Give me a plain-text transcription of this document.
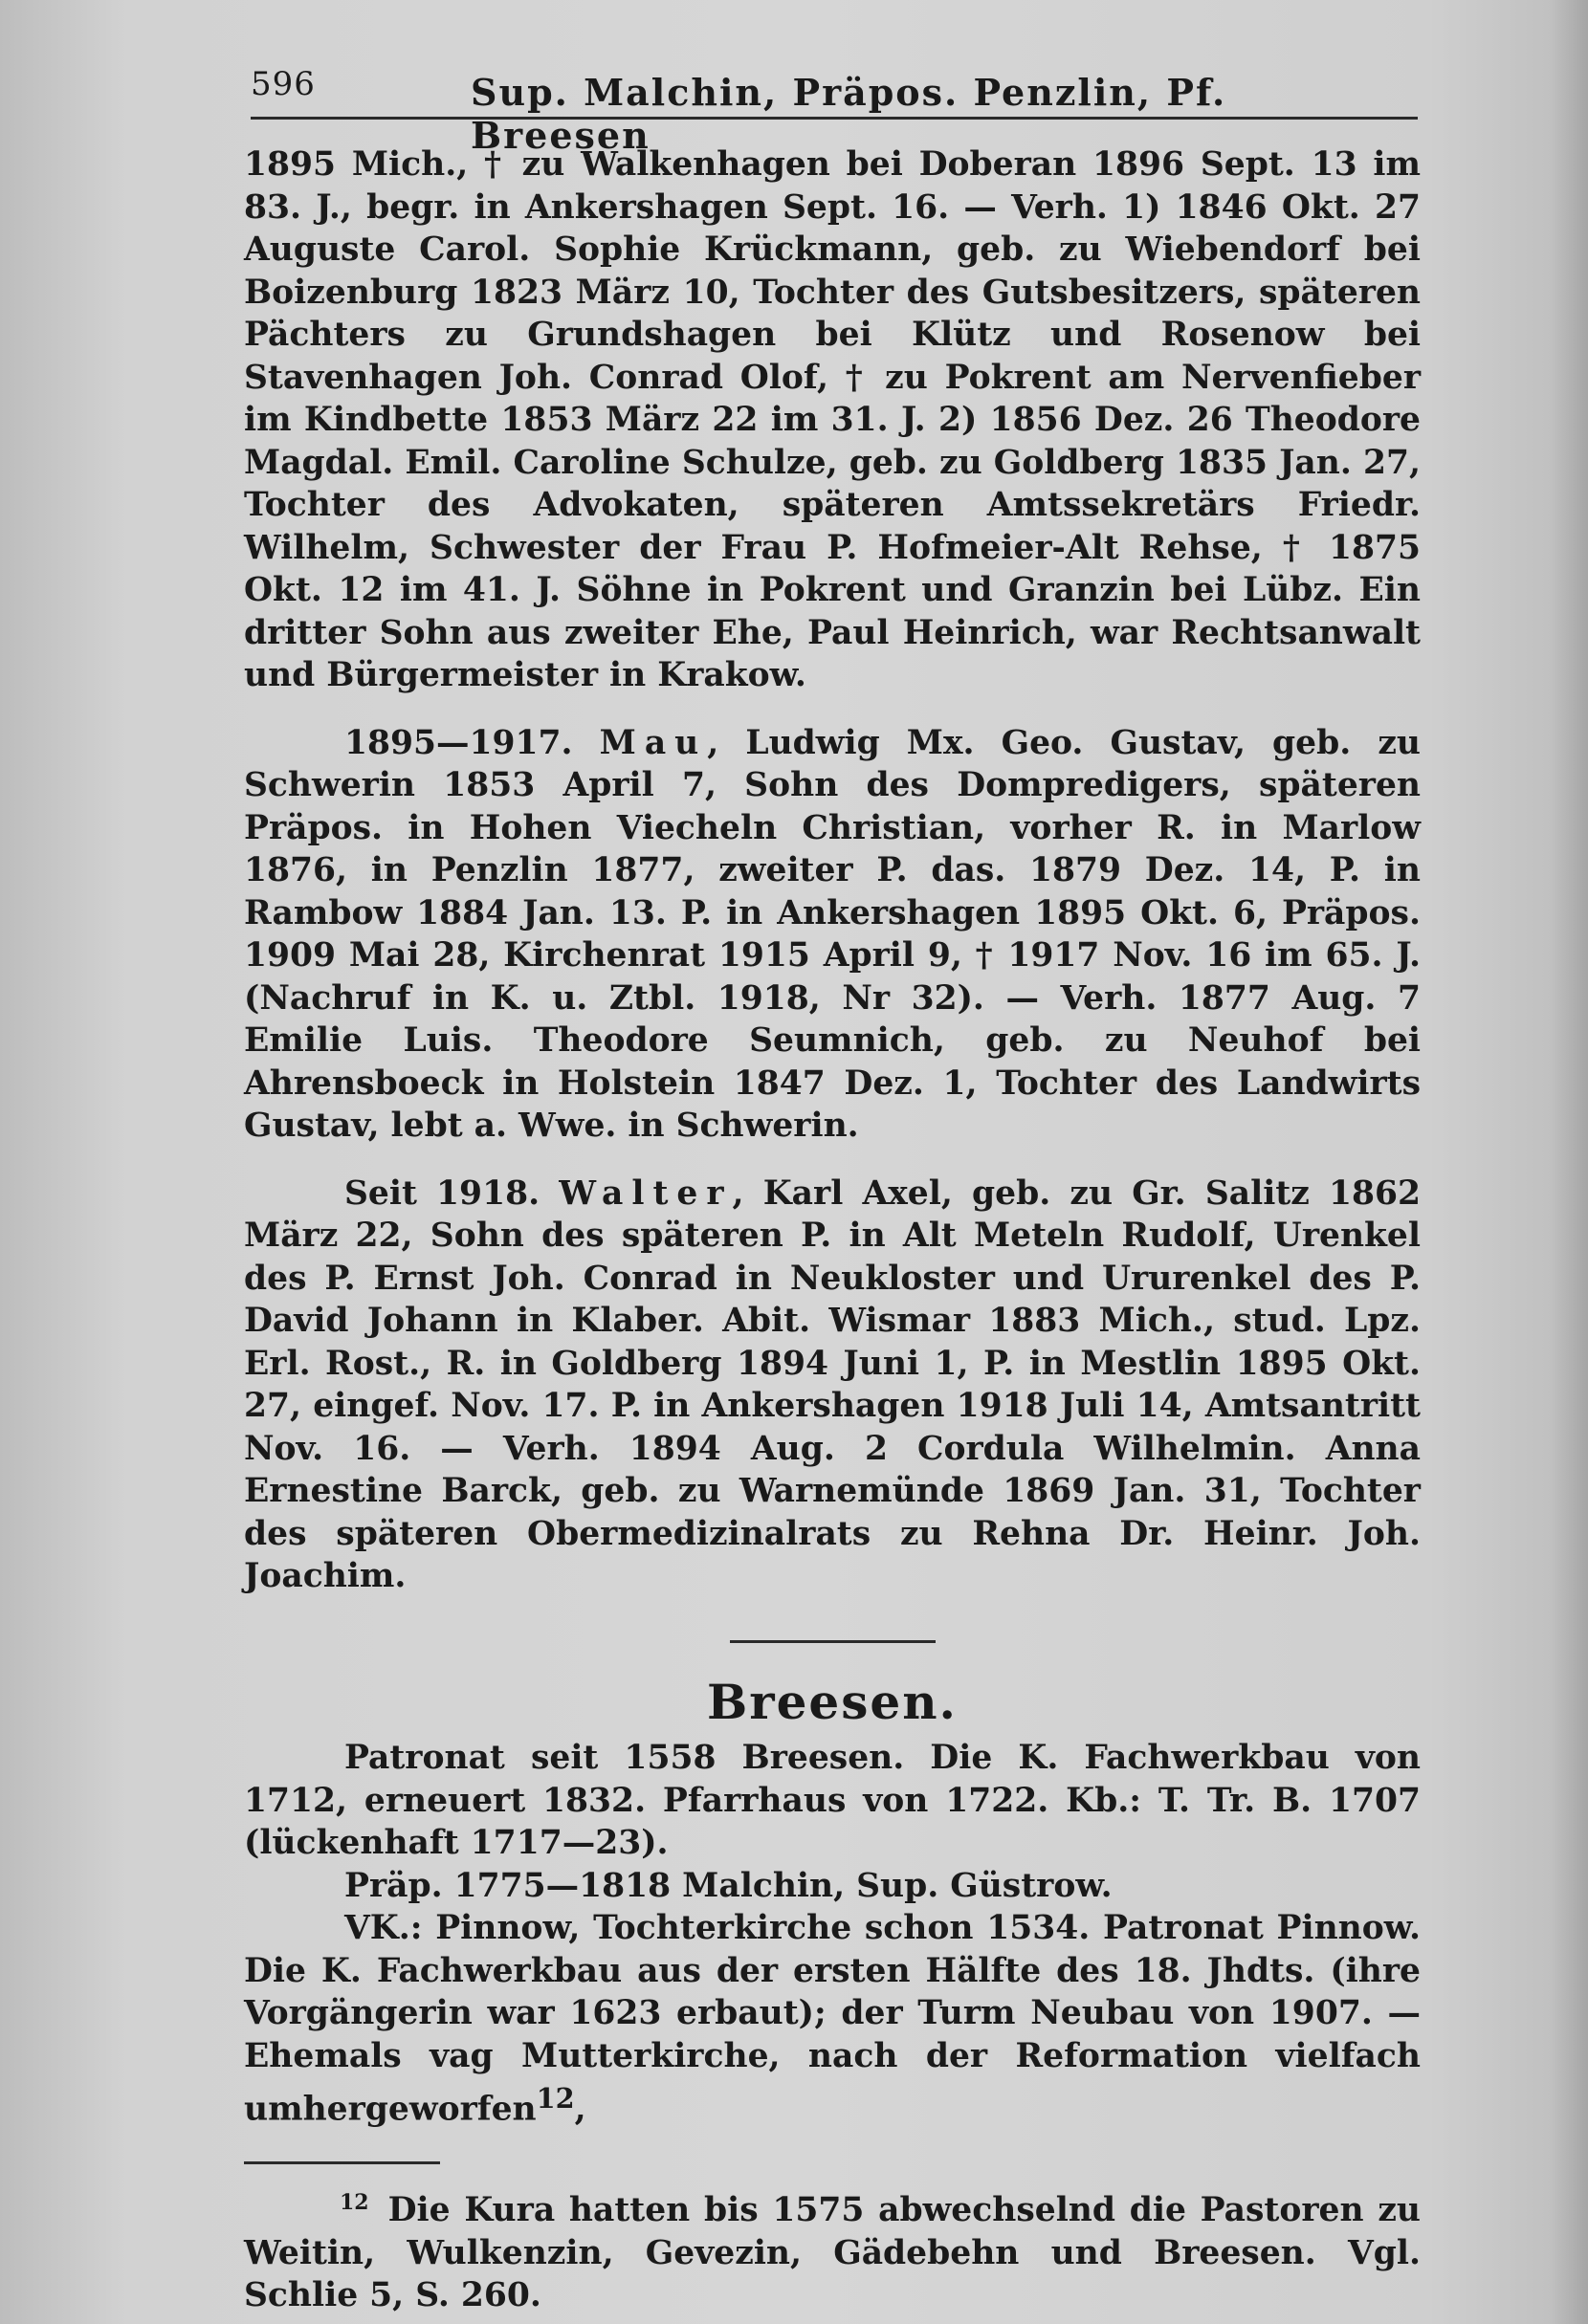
596	Sup. Malchin, Präpos. Penzlin, Pf. Breesen

1895 Mich., † zu Walkenhagen bei Doberan 1896 Sept. 13 im 83. J., begr. in Ankershagen Sept. 16. — Verh. 1) 1846 Okt. 27 Auguste Carol. Sophie Krückmann, geb. zu Wiebendorf bei Boizenburg 1823 März 10, Tochter des Gutsbesitzers, späteren Pächters zu Grundshagen bei Klütz und Rosenow bei Stavenhagen Joh. Conrad Olof, † zu Pokrent am Nervenfieber im Kindbette 1853 März 22 im 31. J. 2) 1856 Dez. 26 Theodore Magdal. Emil. Caroline Schulze, geb. zu Goldberg 1835 Jan. 27, Tochter des Advokaten, späteren Amtssekretärs Friedr. Wilhelm, Schwester der Frau P. Hofmeier-Alt Rehse, † 1875 Okt. 12 im 41. J. Söhne in Pokrent und Granzin bei Lübz. Ein dritter Sohn aus zweiter Ehe, Paul Heinrich, war Rechtsanwalt und Bürgermeister in Krakow.

1895—1917. Mau, Ludwig Mx. Geo. Gustav, geb. zu Schwerin 1853 April 7, Sohn des Dompredigers, späteren Präpos. in Hohen Viecheln Christian, vorher R. in Marlow 1876, in Penzlin 1877, zweiter P. das. 1879 Dez. 14, P. in Rambow 1884 Jan. 13. P. in Ankershagen 1895 Okt. 6, Präpos. 1909 Mai 28, Kirchenrat 1915 April 9, † 1917 Nov. 16 im 65. J. (Nachruf in K. u. Ztbl. 1918, Nr 32). — Verh. 1877 Aug. 7 Emilie Luis. Theodore Seumnich, geb. zu Neuhof bei Ahrensboeck in Holstein 1847 Dez. 1, Tochter des Landwirts Gustav, lebt a. Wwe. in Schwerin.

Seit 1918. Walter, Karl Axel, geb. zu Gr. Salitz 1862 März 22, Sohn des späteren P. in Alt Meteln Rudolf, Urenkel des P. Ernst Joh. Conrad in Neukloster und Ururenkel des P. David Johann in Klaber. Abit. Wismar 1883 Mich., stud. Lpz. Erl. Rost., R. in Goldberg 1894 Juni 1, P. in Mestlin 1895 Okt. 27, eingef. Nov. 17. P. in Ankershagen 1918 Juli 14, Amtsantritt Nov. 16. — Verh. 1894 Aug. 2 Cordula Wilhelmin. Anna Ernestine Barck, geb. zu Warnemünde 1869 Jan. 31, Tochter des späteren Obermedizinalrats zu Rehna Dr. Heinr. Joh. Joachim.

Breesen.

Patronat seit 1558 Breesen. Die K. Fachwerkbau von 1712, erneuert 1832. Pfarrhaus von 1722. Kb.: T. Tr. B. 1707 (lückenhaft 1717—23).

Präp. 1775—1818 Malchin, Sup. Güstrow.

VK.: Pinnow, Tochterkirche schon 1534. Patronat Pinnow. Die K. Fachwerkbau aus der ersten Hälfte des 18. Jhdts. (ihre Vorgängerin war 1623 erbaut); der Turm Neubau von 1907. — Ehemals vag Mutterkirche, nach der Reformation vielfach umhergeworfen$^{12}$,

$^{12}$ Die Kura hatten bis 1575 abwechselnd die Pastoren zu Weitin, Wulkenzin, Gevezin, Gädebehn und Breesen. Vgl. Schlie 5, S. 260.
